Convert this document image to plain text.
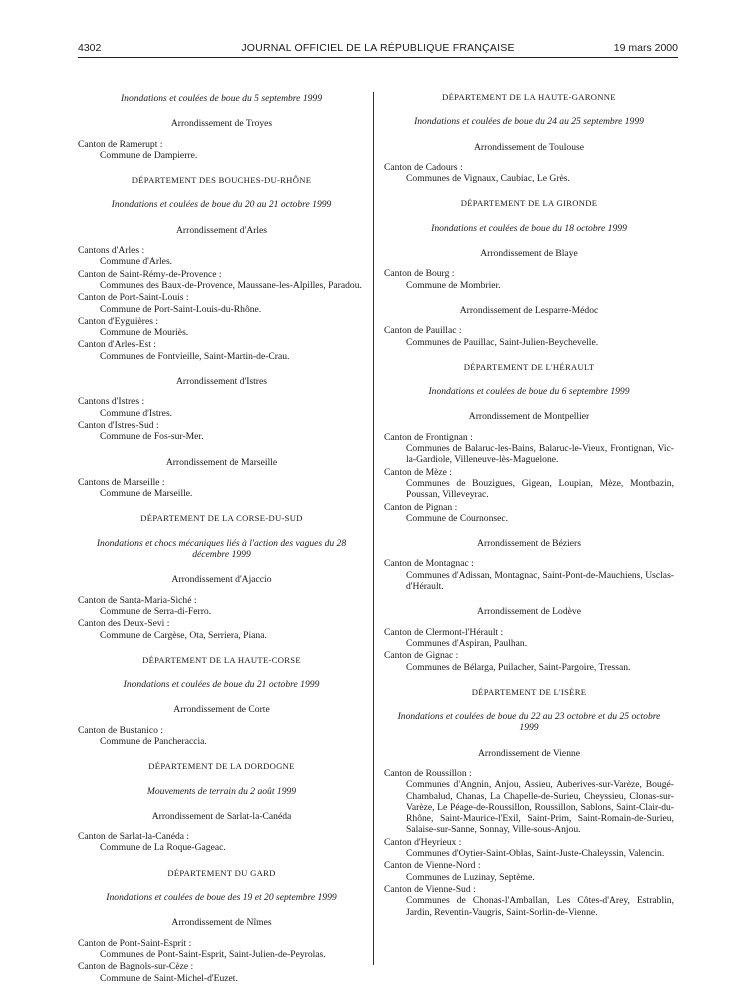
4302	JOURNAL OFFICIEL DE LA RÉPUBLIQUE FRANÇAISE	19 mars 2000
Inondations et coulées de boue du 5 septembre 1999
Arrondissement de Troyes
Canton de Ramerupt :
Commune de Dampierre.
DÉPARTEMENT DES BOUCHES-DU-RHÔNE
Inondations et coulées de boue du 20 au 21 octobre 1999
Arrondissement d'Arles
Cantons d'Arles :
Commune d'Arles.
Canton de Saint-Rémy-de-Provence :
Communes des Baux-de-Provence, Maussane-les-Alpilles, Paradou.
Canton de Port-Saint-Louis :
Commune de Port-Saint-Louis-du-Rhône.
Canton d'Eyguières :
Commune de Mouriès.
Canton d'Arles-Est :
Communes de Fontvieille, Saint-Martin-de-Crau.
Arrondissement d'Istres
Cantons d'Istres :
Commune d'Istres.
Canton d'Istres-Sud :
Commune de Fos-sur-Mer.
Arrondissement de Marseille
Cantons de Marseille :
Commune de Marseille.
DÉPARTEMENT DE LA CORSE-DU-SUD
Inondations et chocs mécaniques liés à l'action des vagues du 28 décembre 1999
Arrondissement d'Ajaccio
Canton de Santa-Maria-Siché :
Commune de Serra-di-Ferro.
Canton des Deux-Sevi :
Commune de Cargèse, Ota, Serriera, Piana.
DÉPARTEMENT DE LA HAUTE-CORSE
Inondations et coulées de boue du 21 octobre 1999
Arrondissement de Corte
Canton de Bustanico :
Commune de Pancheraccia.
DÉPARTEMENT DE LA DORDOGNE
Mouvements de terrain du 2 août 1999
Arrondissement de Sarlat-la-Canéda
Canton de Sarlat-la-Canéda :
Commune de La Roque-Gageac.
DÉPARTEMENT DU GARD
Inondations et coulées de boue des 19 et 20 septembre 1999
Arrondissement de Nîmes
Canton de Pont-Saint-Esprit :
Communes de Pont-Saint-Esprit, Saint-Julien-de-Peyrolas.
Canton de Bagnols-sur-Cèze :
Commune de Saint-Michel-d'Euzet.
DÉPARTEMENT DE LA HAUTE-GARONNE
Inondations et coulées de boue du 24 au 25 septembre 1999
Arrondissement de Toulouse
Canton de Cadours :
Communes de Vignaux, Caubiac, Le Grès.
DÉPARTEMENT DE LA GIRONDE
Inondations et coulées de boue du 18 octobre 1999
Arrondissement de Blaye
Canton de Bourg :
Commune de Mombrier.
Arrondissement de Lesparre-Médoc
Canton de Pauillac :
Communes de Pauillac, Saint-Julien-Beychevelle.
DÉPARTEMENT DE L'HÉRAULT
Inondations et coulées de boue du 6 septembre 1999
Arrondissement de Montpellier
Canton de Frontignan :
Communes de Balaruc-les-Bains, Balaruc-le-Vieux, Frontignan, Vic-la-Gardiole, Villeneuve-lès-Maguelone.
Canton de Mèze :
Communes de Bouzigues, Gigean, Loupian, Mèze, Montbazin, Poussan, Villeveyrac.
Canton de Pignan :
Commune de Cournonsec.
Arrondissement de Béziers
Canton de Montagnac :
Communes d'Adissan, Montagnac, Saint-Pont-de-Mauchiens, Usclas-d'Hérault.
Arrondissement de Lodève
Canton de Clermont-l'Hérault :
Communes d'Aspiran, Paulhan.
Canton de Gignac :
Communes de Bélarga, Puilacher, Saint-Pargoire, Tressan.
DÉPARTEMENT DE L'ISÈRE
Inondations et coulées de boue du 22 au 23 octobre et du 25 octobre 1999
Arrondissement de Vienne
Canton de Roussillon :
Communes d'Angnin, Anjou, Assieu, Auberives-sur-Varèze, Bougé-Chambalud, Chanas, La Chapelle-de-Surieu, Cheyssieu, Clonas-sur-Varèze, Le Péage-de-Roussillon, Roussillon, Sablons, Saint-Clair-du-Rhône, Saint-Maurice-l'Exil, Saint-Prim, Saint-Romain-de-Surieu, Salaise-sur-Sanne, Sonnay, Ville-sous-Anjou.
Canton d'Heyrieux :
Communes d'Oytier-Saint-Oblas, Saint-Juste-Chaleyssin, Valencin.
Canton de Vienne-Nord :
Communes de Luzinay, Septème.
Canton de Vienne-Sud :
Communes de Chonas-l'Amballan, Les Côtes-d'Arey, Estrablin, Jardin, Reventin-Vaugris, Saint-Sorlin-de-Vienne.
